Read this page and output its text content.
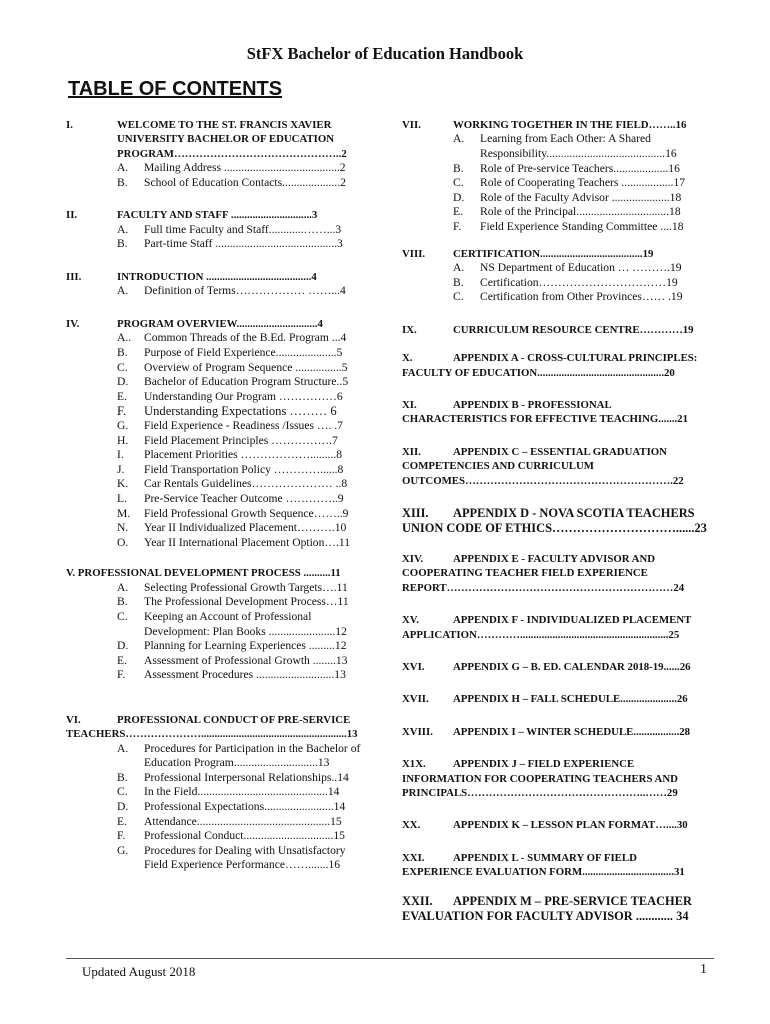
StFX Bachelor of Education Handbook
TABLE OF CONTENTS
I.	WELCOME TO THE ST. FRANCIS XAVIER UNIVERSITY BACHELOR OF EDUCATION PROGRAM………………………………………..2
A.	Mailing Address ........................................2
B.	School of Education Contacts....................2
II.	FACULTY AND STAFF ..............................3
A.	Full time Faculty and Staff............……...3
B.	Part-time Staff ..........................................3
III.	INTRODUCTION .......................................4
A.	Definition of Terms……………… ……...4
IV.	PROGRAM OVERVIEW..............................4
A..	Common Threads of the B.Ed. Program ...4
B.	Purpose of Field Experience.....................5
C.	Overview of Program Sequence ................5
D.	Bachelor of Education Program Structure..5
E.	Understanding Our Program ……………6
F.	Understanding Expectations ……… 6
G.	Field Experience - Readiness /Issues …. .7
H.	Field Placement Principles …………….7
I.	Placement Priorities ……………….........8
J.	Field Transportation Policy …………......8
K.	Car Rentals Guidelines………………… ..8
L.	Pre-Service Teacher Outcome …………..9
M.	Field Professional Growth Sequence……..9
N.	Year II Individualized Placement……….10
O.	Year II International Placement Option….11
V. PROFESSIONAL DEVELOPMENT PROCESS ..........11
A.	Selecting Professional Growth Targets….11
B.	The Professional Development Process…11
C.	Keeping an Account of Professional Development: Plan Books .......................12
D.	Planning for Learning Experiences .........12
E.	Assessment of Professional Growth ........13
F.	Assessment Procedures ...........................13
VI.	PROFESSIONAL CONDUCT OF PRE-SERVICE
TEACHERS…………………......................................................13
A.	Procedures for Participation in the Bachelor of Education Program.............................13
B.	Professional Interpersonal Relationships..14
C.	In the Field.............................................14
D.	Professional Expectations........................14
E.	Attendance..............................................15
F.	Professional Conduct...............................15
G.	Procedures for Dealing with Unsatisfactory Field Experience Performance…….......16
VII.	WORKING TOGETHER IN THE FIELD……..16
A.	Learning from Each Other: A Shared Responsibility.........................................16
B.	Role of Pre-service Teachers...................16
C.	Role of Cooperating Teachers ..................17
D.	Role of the Faculty Advisor ....................18
E.	Role of the Principal................................18
F.	Field Experience Standing Committee ....18
VIII.	CERTIFICATION......................................19
A.	NS Department of Education … ……….19
B.	Certification……………………………19
C.	Certification from Other Provinces…… .19
IX.	CURRICULUM RESOURCE CENTRE…………19
X.	APPENDIX A - CROSS-CULTURAL PRINCIPLES:
FACULTY OF EDUCATION...............................................20
XI.	APPENDIX B - PROFESSIONAL
CHARACTERISTICS FOR EFFECTIVE TEACHING.......21
XII.	APPENDIX C – ESSENTIAL GRADUATION
COMPETENCIES AND CURRICULUM
OUTCOMES………………………………………………….22
XIII. APPENDIX D - NOVA SCOTIA TEACHERS
UNION CODE OF ETHICS…………………………......23
XIV.	APPENDIX E - FACULTY ADVISOR AND
COOPERATING TEACHER FIELD EXPERIENCE
REPORT………………………………………………………24
XV.	APPENDIX F - INDIVIDUALIZED PLACEMENT
APPLICATION………….......................................................25
XVI.	APPENDIX G – B. ED. CALENDAR 2018-19......26
XVII.	APPENDIX H – FALL SCHEDULE.....................26
XVIII.	APPENDIX I – WINTER SCHEDULE.................28
X1X.	APPENDIX J – FIELD EXPERIENCE
INFORMATION FOR COOPERATING TEACHERS AND
PRINCIPALS…………………………………………..……29
XX.	APPENDIX K – LESSON PLAN FORMAT…....30
XXI.	APPENDIX L - SUMMARY OF FIELD
EXPERIENCE EVALUATION FORM..................................31
XXII. APPENDIX M – PRE-SERVICE TEACHER
EVALUATION FOR FACULTY ADVISOR ............ 34
Updated August 2018	1
